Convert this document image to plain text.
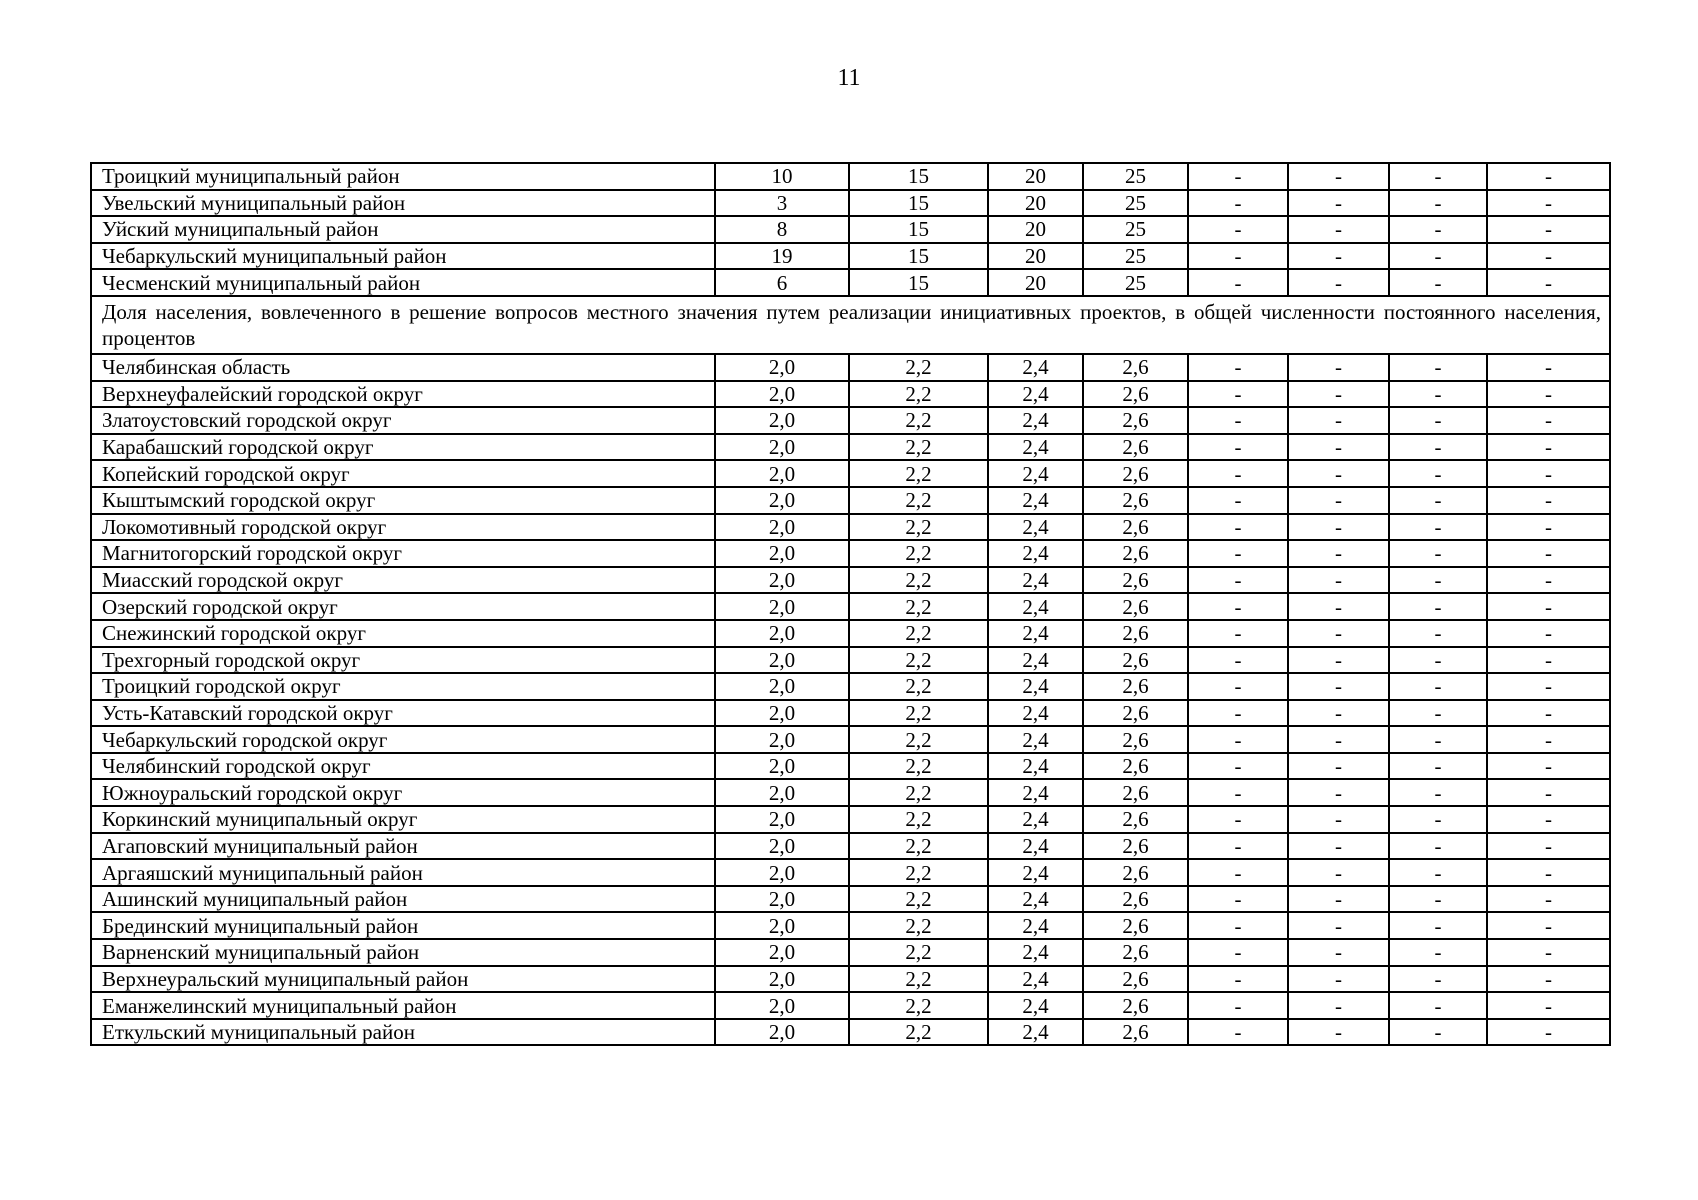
11
Троицкий муниципальный район	10	15	20	25	-	-	-	-
Увельский муниципальный район	3	15	20	25	-	-	-	-
Уйский муниципальный район	8	15	20	25	-	-	-	-
Чебаркульский муниципальный район	19	15	20	25	-	-	-	-
Чесменский муниципальный район	6	15	20	25	-	-	-	-
Доля населения, вовлеченного в решение вопросов местного значения путем реализации инициативных проектов, в общей численности постоянного населения, процентов								
Челябинская область	2,0	2,2	2,4	2,6	-	-	-	-
Верхнеуфалейский городской округ	2,0	2,2	2,4	2,6	-	-	-	-
Златоустовский городской округ	2,0	2,2	2,4	2,6	-	-	-	-
Карабашский городской округ	2,0	2,2	2,4	2,6	-	-	-	-
Копейский городской округ	2,0	2,2	2,4	2,6	-	-	-	-
Кыштымский городской округ	2,0	2,2	2,4	2,6	-	-	-	-
Локомотивный городской округ	2,0	2,2	2,4	2,6	-	-	-	-
Магнитогорский городской округ	2,0	2,2	2,4	2,6	-	-	-	-
Миасский городской округ	2,0	2,2	2,4	2,6	-	-	-	-
Озерский городской округ	2,0	2,2	2,4	2,6	-	-	-	-
Снежинский городской округ	2,0	2,2	2,4	2,6	-	-	-	-
Трехгорный городской округ	2,0	2,2	2,4	2,6	-	-	-	-
Троицкий городской округ	2,0	2,2	2,4	2,6	-	-	-	-
Усть-Катавский городской округ	2,0	2,2	2,4	2,6	-	-	-	-
Чебаркульский городской округ	2,0	2,2	2,4	2,6	-	-	-	-
Челябинский городской округ	2,0	2,2	2,4	2,6	-	-	-	-
Южноуральский городской округ	2,0	2,2	2,4	2,6	-	-	-	-
Коркинский муниципальный округ	2,0	2,2	2,4	2,6	-	-	-	-
Агаповский муниципальный район	2,0	2,2	2,4	2,6	-	-	-	-
Аргаяшский муниципальный район	2,0	2,2	2,4	2,6	-	-	-	-
Ашинский муниципальный район	2,0	2,2	2,4	2,6	-	-	-	-
Брединский муниципальный район	2,0	2,2	2,4	2,6	-	-	-	-
Варненский муниципальный район	2,0	2,2	2,4	2,6	-	-	-	-
Верхнеуральский муниципальный район	2,0	2,2	2,4	2,6	-	-	-	-
Еманжелинский муниципальный район	2,0	2,2	2,4	2,6	-	-	-	-
Еткульский муниципальный район	2,0	2,2	2,4	2,6	-	-	-	-
